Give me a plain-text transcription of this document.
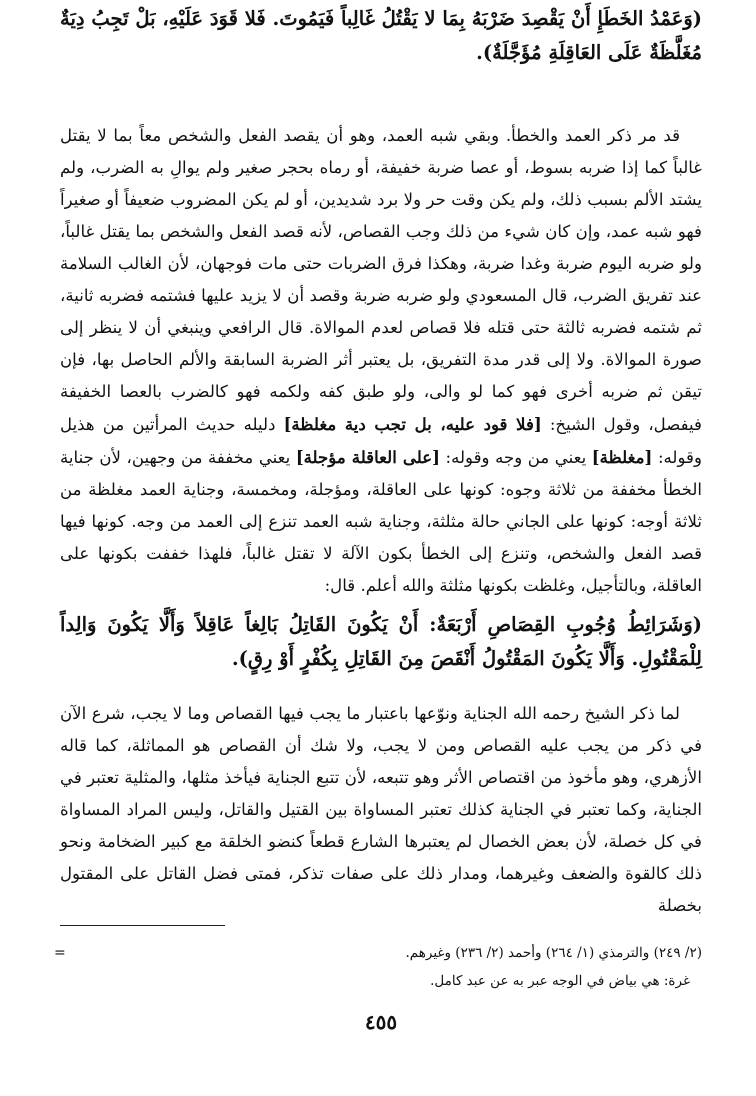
(وَعَمْدُ الخَطَإِ أَنْ يَقْصِدَ ضَرْبَهُ بِمَا لا يَقْتُلُ غَالِباً فَيَمُوتَ. فَلا قَوَدَ عَلَيْهِ، بَلْ تَجِبُ دِيَةٌ مُغَلَّظَةٌ عَلَى العَاقِلَةِ مُؤَجَّلَةٌ).

قد مر ذكر العمد والخطأ. وبقي شبه العمد، وهو أن يقصد الفعل والشخص معاً بما لا يقتل غالباً كما إذا ضربه بسوط، أو عصا ضربة خفيفة، أو رماه بحجر صغير ولم يوالِ به الضرب، ولم يشتد الألم بسبب ذلك، ولم يكن وقت حر ولا برد شديدين، أو لم يكن المضروب ضعيفاً أو صغيراً فهو شبه عمد، وإن كان شيء من ذلك وجب القصاص، لأنه قصد الفعل والشخص بما يقتل غالباً، ولو ضربه اليوم ضربة وغدا ضربة، وهكذا فرق الضربات حتى مات فوجهان، لأن الغالب السلامة عند تفريق الضرب، قال المسعودي ولو ضربه ضربة وقصد أن لا يزيد عليها فشتمه فضربه ثانية، ثم شتمه فضربه ثالثة حتى قتله فلا قصاص لعدم الموالاة. قال الرافعي وينبغي أن لا ينظر إلى صورة الموالاة. ولا إلى قدر مدة التفريق، بل يعتبر أثر الضربة السابقة والألم الحاصل بها، فإن تيقن ثم ضربه أخرى فهو كما لو والى، ولو طبق كفه ولكمه فهو كالضرب بالعصا الخفيفة فيفصل، وقول الشيخ: [فلا قود عليه، بل تجب دية مغلظة] دليله حديث المرأتين من هذيل وقوله: [مغلظة] يعني من وجه وقوله: [على العاقلة مؤجلة] يعني مخففة من وجهين، لأن جناية الخطأ مخففة من ثلاثة وجوه: كونها على العاقلة، ومؤجلة، ومخمسة، وجناية العمد مغلظة من ثلاثة أوجه: كونها على الجاني حالة مثلثة، وجناية شبه العمد تنزع إلى العمد من وجه. كونها فيها قصد الفعل والشخص، وتنزع إلى الخطأ بكون الآلة لا تقتل غالباً، فلهذا خففت بكونها على العاقلة، وبالتأجيل، وغلظت بكونها مثلثة والله أعلم. قال:

(وَشَرَائِطُ وُجُوبِ القِصَاصِ أَرْبَعَةٌ: أَنْ يَكُونَ القَاتِلُ بَالِغاً عَاقِلاً وَأَلَّا يَكُونَ وَالِداً لِلْمَقْتُولِ. وَأَلَّا يَكُونَ المَقْتُولُ أَنْقَصَ مِنَ القَاتِلِ بِكُفْرٍ أَوْ رِقٍ).

لما ذكر الشيخ رحمه الله الجناية ونوّعها باعتبار ما يجب فيها القصاص وما لا يجب، شرع الآن في ذكر من يجب عليه القصاص ومن لا يجب، ولا شك أن القصاص هو المماثلة، كما قاله الأزهري، وهو مأخوذ من اقتصاص الأثر وهو تتبعه، لأن تتبع الجناية فيأخذ مثلها، والمثلية تعتبر في الجناية، وكما تعتبر في الجناية كذلك تعتبر المساواة بين القتيل والقاتل، وليس المراد المساواة في كل خصلة، لأن بعض الخصال لم يعتبرها الشارع قطعاً كنضو الخلقة مع كبير الضخامة ونحو ذلك كالقوة والضعف وغيرهما، ومدار ذلك على صفات تذكر، فمتى فضل القاتل على المقتول بخصلة

(٢/ ٢٤٩) والترمذي (١/ ٢٦٤) وأحمد (٢/ ٢٣٦) وغيرهم.
=
غرة: هي بياض في الوجه عبر به عن عبد كامل.
٤٥٥
